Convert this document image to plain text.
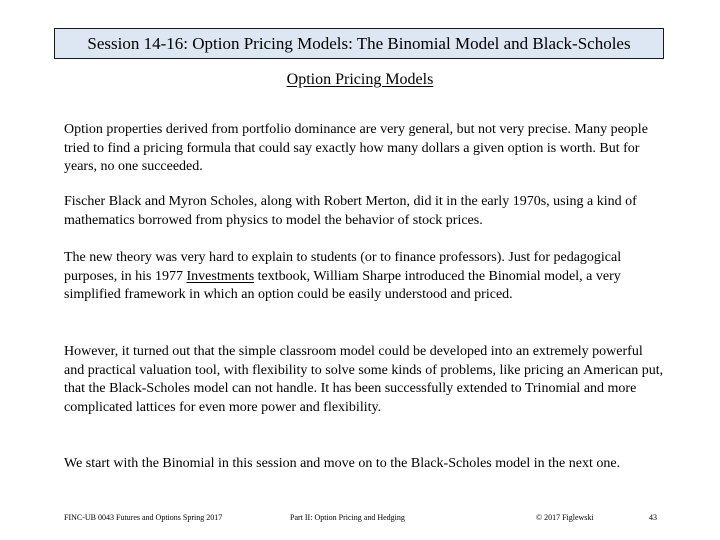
Session 14-16: Option Pricing Models: The Binomial Model and Black-Scholes
Option Pricing Models

Option properties derived from portfolio dominance are very general, but not very precise. Many people tried to find a pricing formula that could say exactly how many dollars a given option is worth. But for years, no one succeeded.

Fischer Black and Myron Scholes, along with Robert Merton, did it in the early 1970s, using a kind of mathematics borrowed from physics to model the behavior of stock prices.

The new theory was very hard to explain to students (or to finance professors). Just for pedagogical purposes, in his 1977 Investments textbook, William Sharpe introduced the Binomial model, a very simplified framework in which an option could be easily understood and priced.

However, it turned out that the simple classroom model could be developed into an extremely powerful and practical valuation tool, with flexibility to solve some kinds of problems, like pricing an American put, that the Black-Scholes model can not handle. It has been successfully extended to Trinomial and more complicated lattices for even more power and flexibility.

We start with the Binomial in this session and move on to the Black-Scholes model in the next one.

FINC-UB 0043 Futures and Options Spring 2017	Part II: Option Pricing and Hedging	© 2017 Figlewski	43
